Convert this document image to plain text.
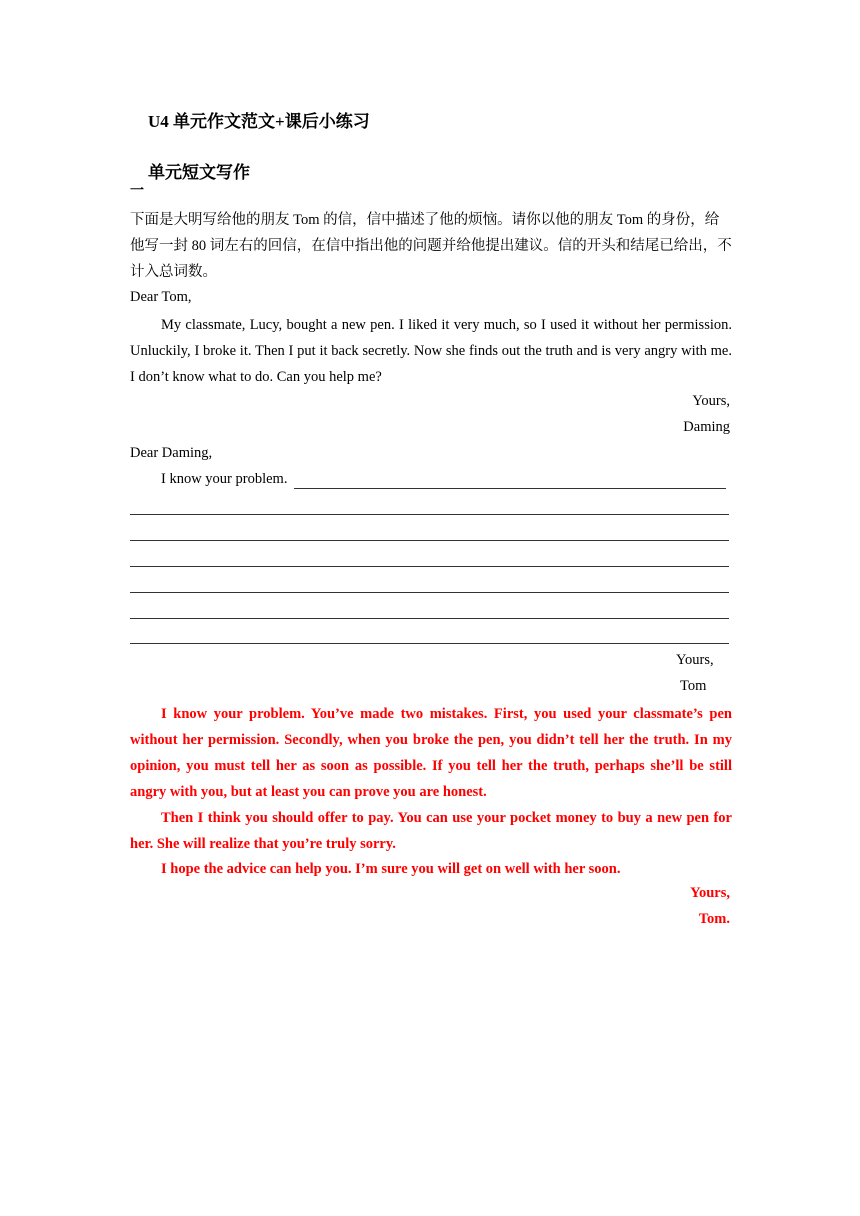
U4 单元作文范文+课后小练习
单元短文写作
一
下面是大明写给他的朋友 Tom 的信，信中描述了他的烦恼。请你以他的朋友 Tom 的身份，给他写一封 80 词左右的回信，在信中指出他的问题并给他提出建议。信的开头和结尾已给出，不计入总词数。
Dear Tom,
My classmate, Lucy, bought a new pen. I liked it very much, so I used it without her permission. Unluckily, I broke it. Then I put it back secretly. Now she finds out the truth and is very angry with me. I don’t know what to do. Can you help me?
Yours,
Daming
Dear Daming,
I know your problem.
Yours,
Tom
I know your problem. You’ve made two mistakes. First, you used your classmate’s pen without her permission. Secondly, when you broke the pen, you didn’t tell her the truth. In my opinion, you must tell her as soon as possible. If you tell her the truth, perhaps she’ll be still angry with you, but at least you can prove you are honest.
Then I think you should offer to pay. You can use your pocket money to buy a new pen for her. She will realize that you’re truly sorry.
I hope the advice can help you. I’m sure you will get on well with her soon.
Yours,
Tom.
